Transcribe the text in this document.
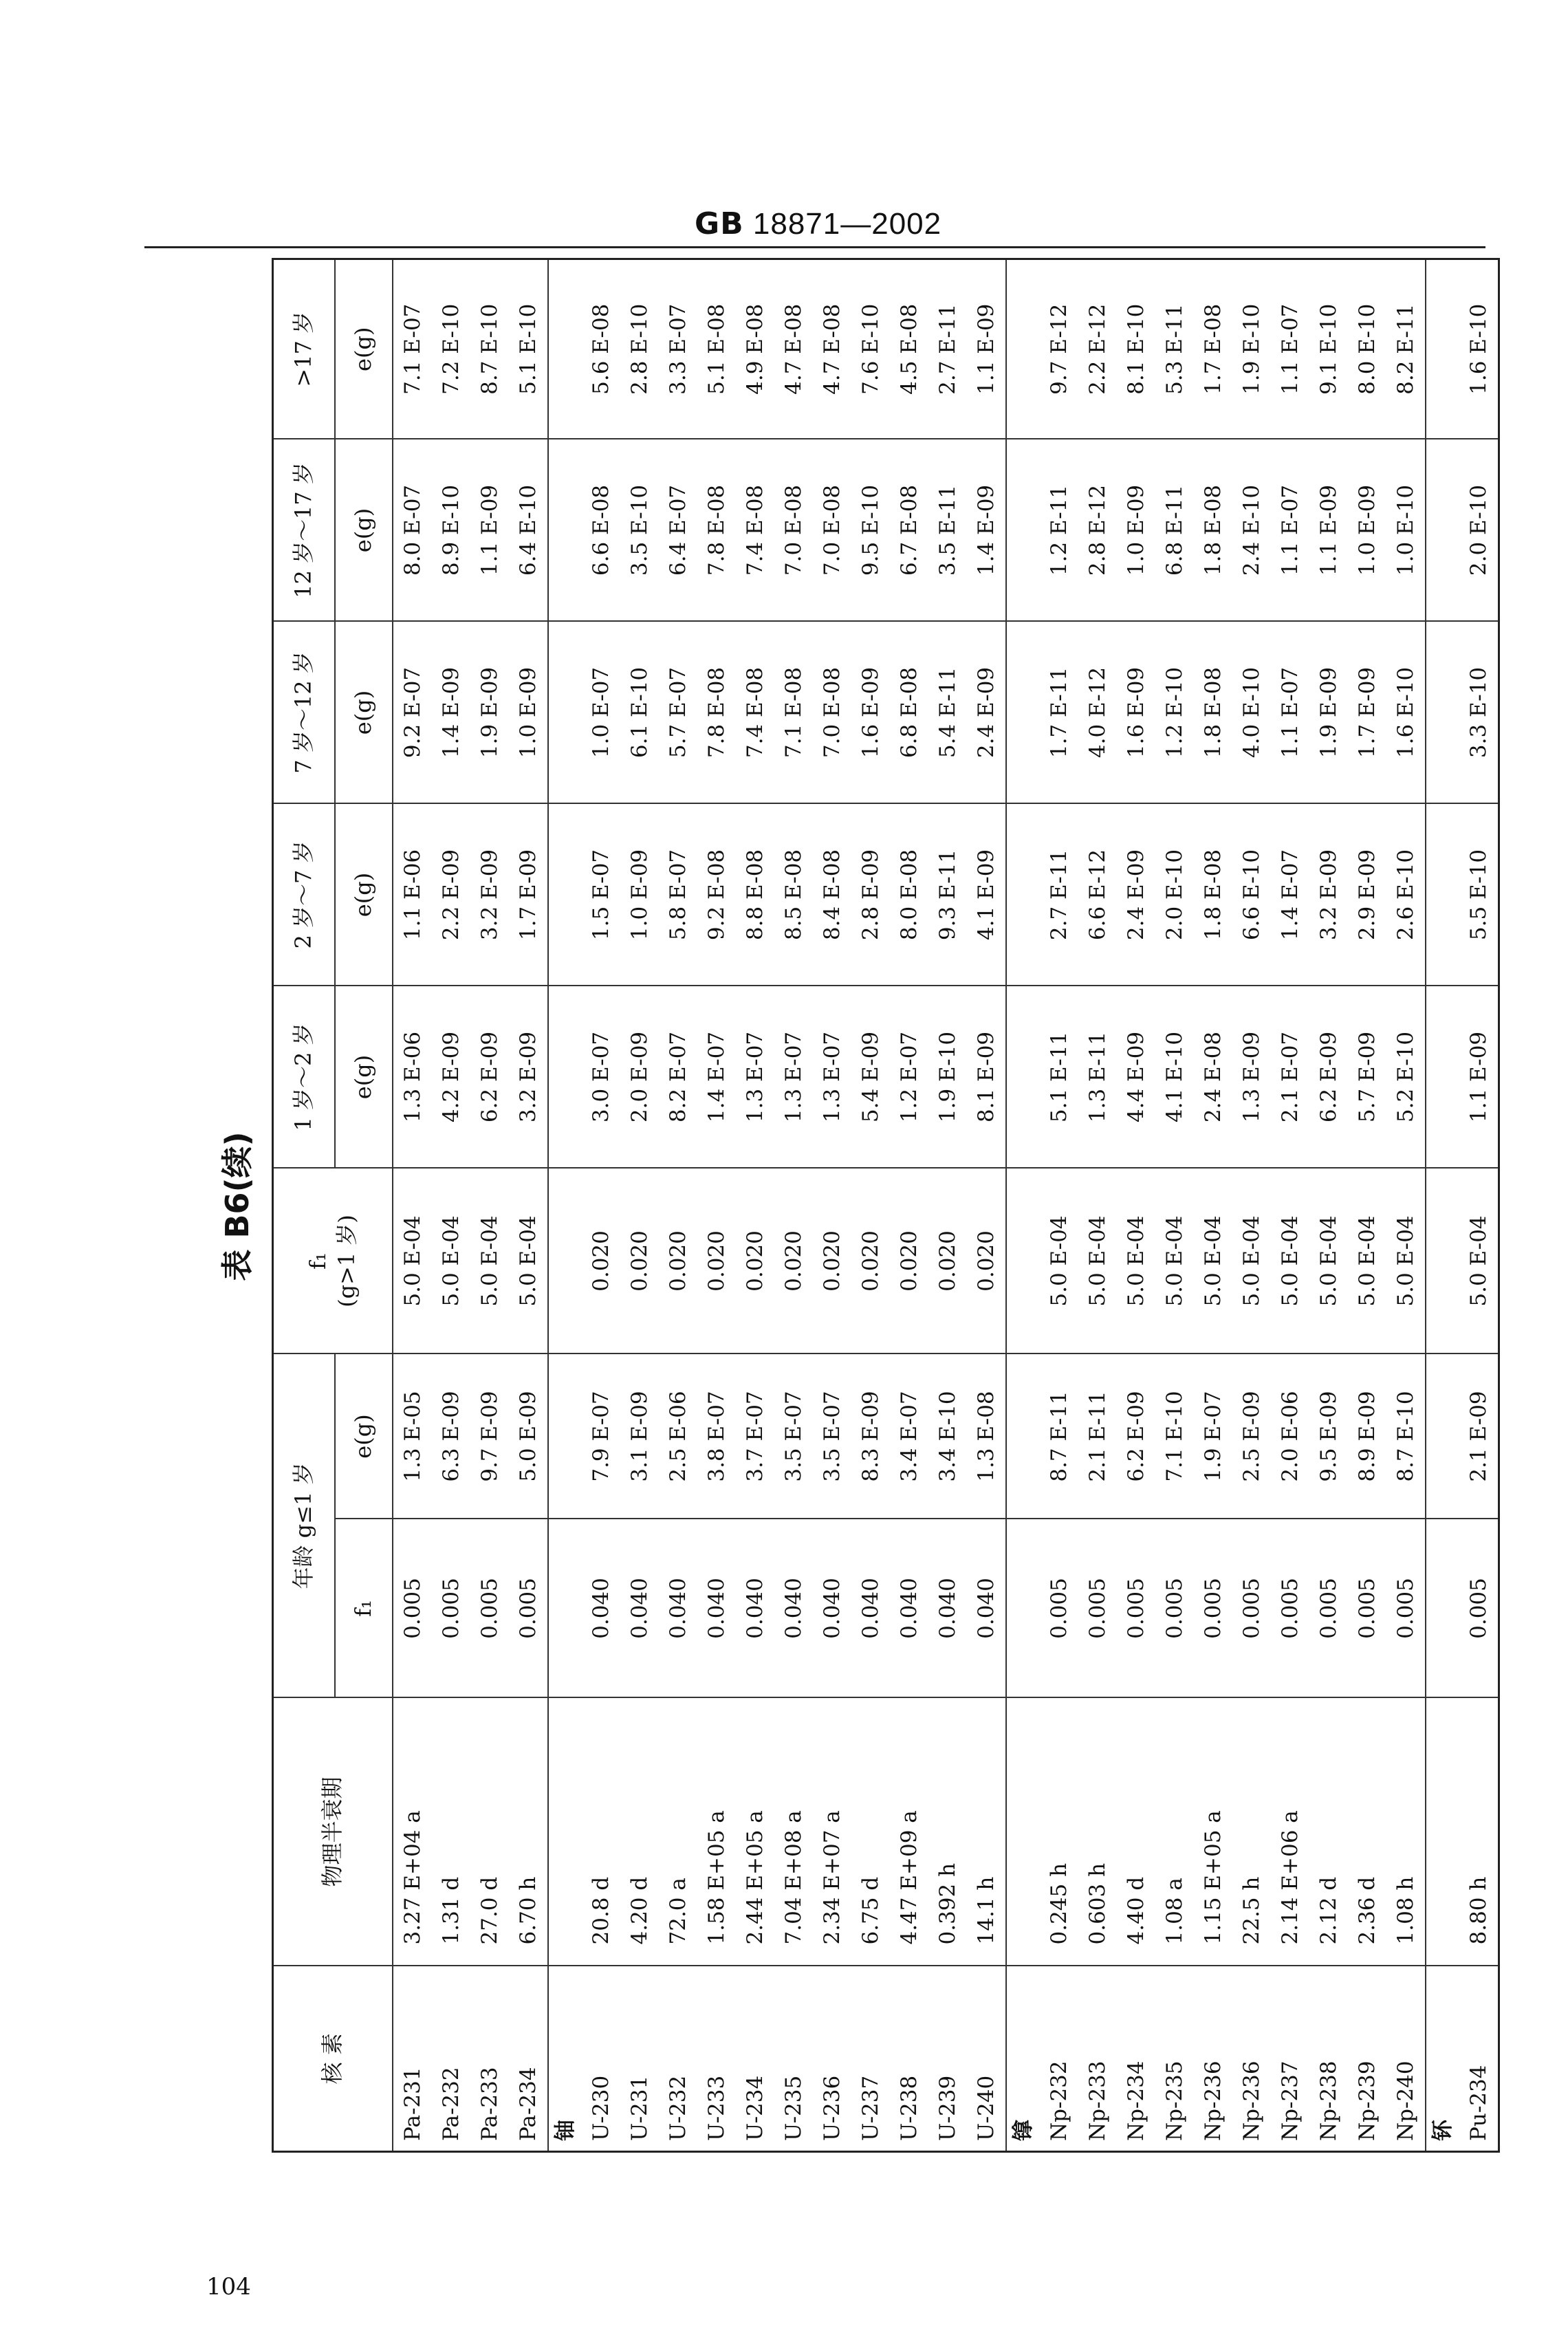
GB 18871—2002
表 B6(续)
核 素	物理半衰期	年龄 g≤1 岁		f₁ (g>1 岁)	1 岁～2 岁	2 岁～7 岁	7 岁～12 岁	12 岁～17 岁	>17 岁
		f₁	e(g)		e(g)	e(g)	e(g)	e(g)	e(g)
Pa-231	3.27 E+04 a	0.005	1.3 E-05	5.0 E-04	1.3 E-06	1.1 E-06	9.2 E-07	8.0 E-07	7.1 E-07
Pa-232	1.31 d	0.005	6.3 E-09	5.0 E-04	4.2 E-09	2.2 E-09	1.4 E-09	8.9 E-10	7.2 E-10
Pa-233	27.0 d	0.005	9.7 E-09	5.0 E-04	6.2 E-09	3.2 E-09	1.9 E-09	1.1 E-09	8.7 E-10
Pa-234	6.70 h	0.005	5.0 E-09	5.0 E-04	3.2 E-09	1.7 E-09	1.0 E-09	6.4 E-10	5.1 E-10
铀									
U-230	20.8 d	0.040	7.9 E-07	0.020	3.0 E-07	1.5 E-07	1.0 E-07	6.6 E-08	5.6 E-08
U-231	4.20 d	0.040	3.1 E-09	0.020	2.0 E-09	1.0 E-09	6.1 E-10	3.5 E-10	2.8 E-10
U-232	72.0 a	0.040	2.5 E-06	0.020	8.2 E-07	5.8 E-07	5.7 E-07	6.4 E-07	3.3 E-07
U-233	1.58 E+05 a	0.040	3.8 E-07	0.020	1.4 E-07	9.2 E-08	7.8 E-08	7.8 E-08	5.1 E-08
U-234	2.44 E+05 a	0.040	3.7 E-07	0.020	1.3 E-07	8.8 E-08	7.4 E-08	7.4 E-08	4.9 E-08
U-235	7.04 E+08 a	0.040	3.5 E-07	0.020	1.3 E-07	8.5 E-08	7.1 E-08	7.0 E-08	4.7 E-08
U-236	2.34 E+07 a	0.040	3.5 E-07	0.020	1.3 E-07	8.4 E-08	7.0 E-08	7.0 E-08	4.7 E-08
U-237	6.75 d	0.040	8.3 E-09	0.020	5.4 E-09	2.8 E-09	1.6 E-09	9.5 E-10	7.6 E-10
U-238	4.47 E+09 a	0.040	3.4 E-07	0.020	1.2 E-07	8.0 E-08	6.8 E-08	6.7 E-08	4.5 E-08
U-239	0.392 h	0.040	3.4 E-10	0.020	1.9 E-10	9.3 E-11	5.4 E-11	3.5 E-11	2.7 E-11
U-240	14.1 h	0.040	1.3 E-08	0.020	8.1 E-09	4.1 E-09	2.4 E-09	1.4 E-09	1.1 E-09
镎									
Np-232	0.245 h	0.005	8.7 E-11	5.0 E-04	5.1 E-11	2.7 E-11	1.7 E-11	1.2 E-11	9.7 E-12
Np-233	0.603 h	0.005	2.1 E-11	5.0 E-04	1.3 E-11	6.6 E-12	4.0 E-12	2.8 E-12	2.2 E-12
Np-234	4.40 d	0.005	6.2 E-09	5.0 E-04	4.4 E-09	2.4 E-09	1.6 E-09	1.0 E-09	8.1 E-10
Np-235	1.08 a	0.005	7.1 E-10	5.0 E-04	4.1 E-10	2.0 E-10	1.2 E-10	6.8 E-11	5.3 E-11
Np-236	1.15 E+05 a	0.005	1.9 E-07	5.0 E-04	2.4 E-08	1.8 E-08	1.8 E-08	1.8 E-08	1.7 E-08
Np-236	22.5 h	0.005	2.5 E-09	5.0 E-04	1.3 E-09	6.6 E-10	4.0 E-10	2.4 E-10	1.9 E-10
Np-237	2.14 E+06 a	0.005	2.0 E-06	5.0 E-04	2.1 E-07	1.4 E-07	1.1 E-07	1.1 E-07	1.1 E-07
Np-238	2.12 d	0.005	9.5 E-09	5.0 E-04	6.2 E-09	3.2 E-09	1.9 E-09	1.1 E-09	9.1 E-10
Np-239	2.36 d	0.005	8.9 E-09	5.0 E-04	5.7 E-09	2.9 E-09	1.7 E-09	1.0 E-09	8.0 E-10
Np-240	1.08 h	0.005	8.7 E-10	5.0 E-04	5.2 E-10	2.6 E-10	1.6 E-10	1.0 E-10	8.2 E-11
钚									
Pu-234	8.80 h	0.005	2.1 E-09	5.0 E-04	1.1 E-09	5.5 E-10	3.3 E-10	2.0 E-10	1.6 E-10
104
